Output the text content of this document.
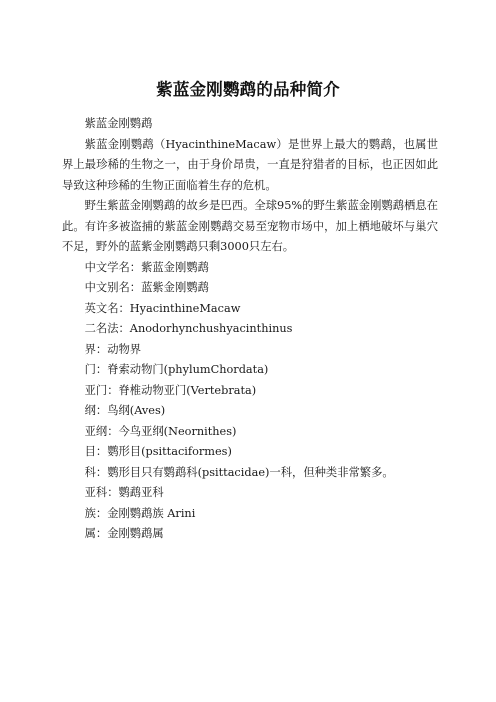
紫蓝金刚鹦鹉的品种简介
紫蓝金刚鹦鹉

紫蓝金刚鹦鹉（HyacinthineMacaw）是世界上最大的鹦鹉，也属世界上最珍稀的生物之一，由于身价昂贵，一直是狩猎者的目标，也正因如此导致这种珍稀的生物正面临着生存的危机。

野生紫蓝金刚鹦鹉的故乡是巴西。全球95%的野生紫蓝金刚鹦鹉栖息在此。有许多被盗捕的紫蓝金刚鹦鹉交易至宠物市场中，加上栖地破坏与巢穴不足，野外的蓝紫金刚鹦鹉只剩3000只左右。

中文学名：紫蓝金刚鹦鹉
中文别名：蓝紫金刚鹦鹉
英文名：HyacinthineMacaw
二名法：Anodorhynchushyacinthinus
界：动物界
门：脊索动物门(phylumChordata)
亚门：脊椎动物亚门(Vertebrata)
纲：鸟纲(Aves)
亚纲：今鸟亚纲(Neornithes)
目：鹦形目(psittaciformes)
科：鹦形目只有鹦鹉科(psittacidae)一科，但种类非常繁多。
亚科：鹦鹉亚科
族：金刚鹦鹉族 Arini
属：金刚鹦鹉属
